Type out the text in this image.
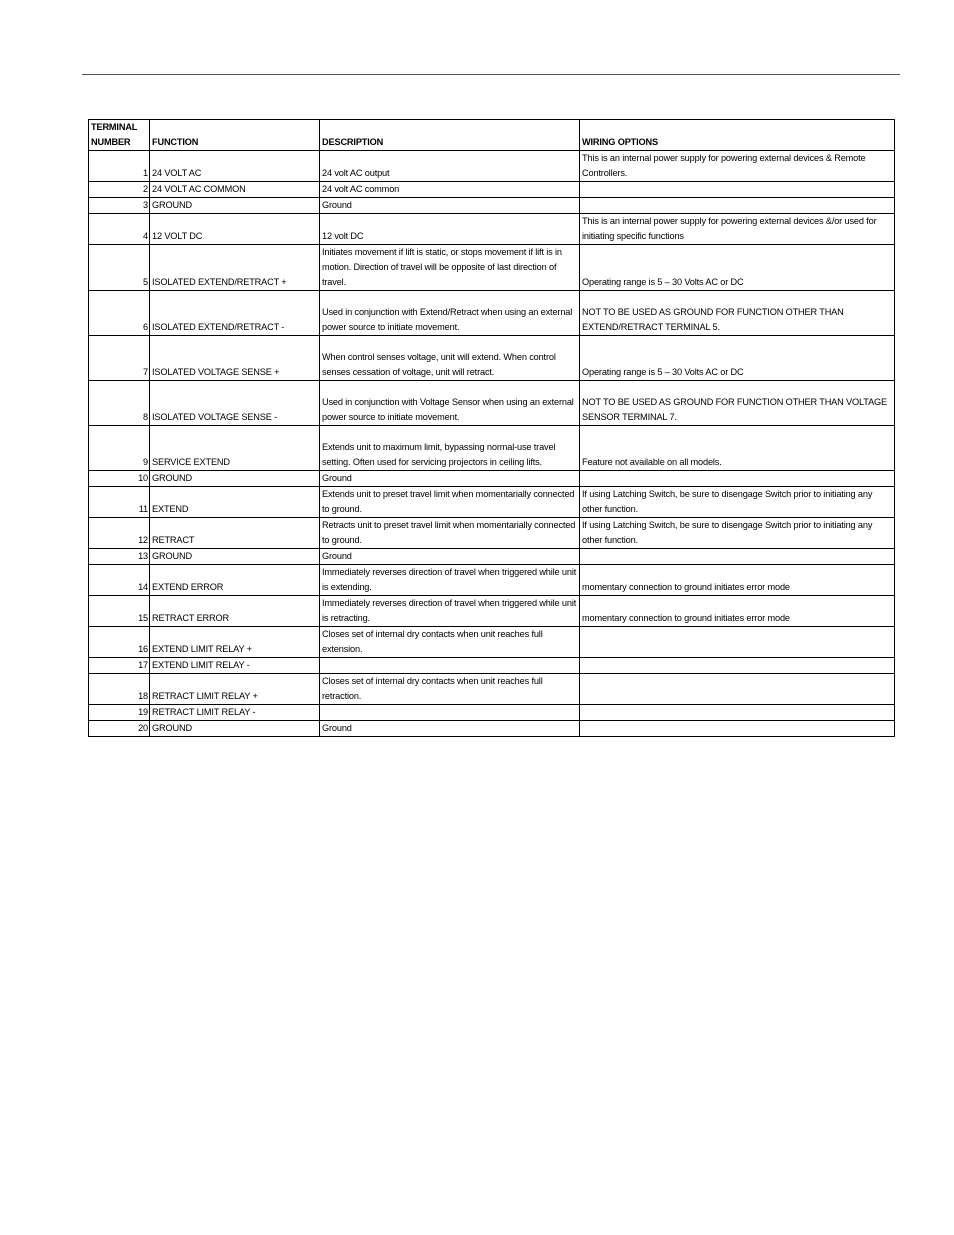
TERMINAL NUMBER	FUNCTION	DESCRIPTION	WIRING OPTIONS
1	24 VOLT AC	24 volt AC output	This is an internal power supply for powering external devices & Remote Controllers.
2	24 VOLT AC COMMON	24 volt AC common	
3	GROUND	Ground	
4	12 VOLT DC	12 volt DC	This is an internal power supply for powering external devices &/or used for initiating specific functions
5	ISOLATED EXTEND/RETRACT +	Initiates movement if lift is static, or stops movement if lift is in motion. Direction of travel will be opposite of last direction of travel.	Operating range is 5 – 30 Volts AC or DC
6	ISOLATED EXTEND/RETRACT -	Used in conjunction with Extend/Retract when using an external power source to initiate movement.	NOT TO BE USED AS GROUND FOR FUNCTION OTHER THAN EXTEND/RETRACT TERMINAL 5.
7	ISOLATED VOLTAGE SENSE +	When control senses voltage, unit will extend. When control senses cessation of voltage, unit will retract.	Operating range is 5 – 30 Volts AC or DC
8	ISOLATED VOLTAGE SENSE -	Used in conjunction with Voltage Sensor when using an external power source to initiate movement.	NOT TO BE USED AS GROUND FOR FUNCTION OTHER THAN VOLTAGE SENSOR TERMINAL 7.
9	SERVICE EXTEND	Extends unit to maximum limit, bypassing normal-use travel setting. Often used for servicing projectors in ceiling lifts.	Feature not available on all models.
10	GROUND	Ground	
11	EXTEND	Extends unit to preset travel limit when momentarially connected to ground.	If using Latching Switch, be sure to disengage Switch prior to initiating any other function.
12	RETRACT	Retracts unit to preset travel limit when momentarially connected to ground.	If using Latching Switch, be sure to disengage Switch prior to initiating any other function.
13	GROUND	Ground	
14	EXTEND ERROR	Immediately reverses direction of travel when triggered while unit is extending.	momentary connection to ground initiates error mode
15	RETRACT ERROR	Immediately reverses direction of travel when triggered while unit is retracting.	momentary connection to ground initiates error mode
16	EXTEND LIMIT RELAY +	Closes set of internal dry contacts when unit reaches full extension.	
17	EXTEND LIMIT RELAY -		
18	RETRACT LIMIT RELAY +	Closes set of internal dry contacts when unit reaches full retraction.	
19	RETRACT LIMIT RELAY -		
20	GROUND	Ground	
